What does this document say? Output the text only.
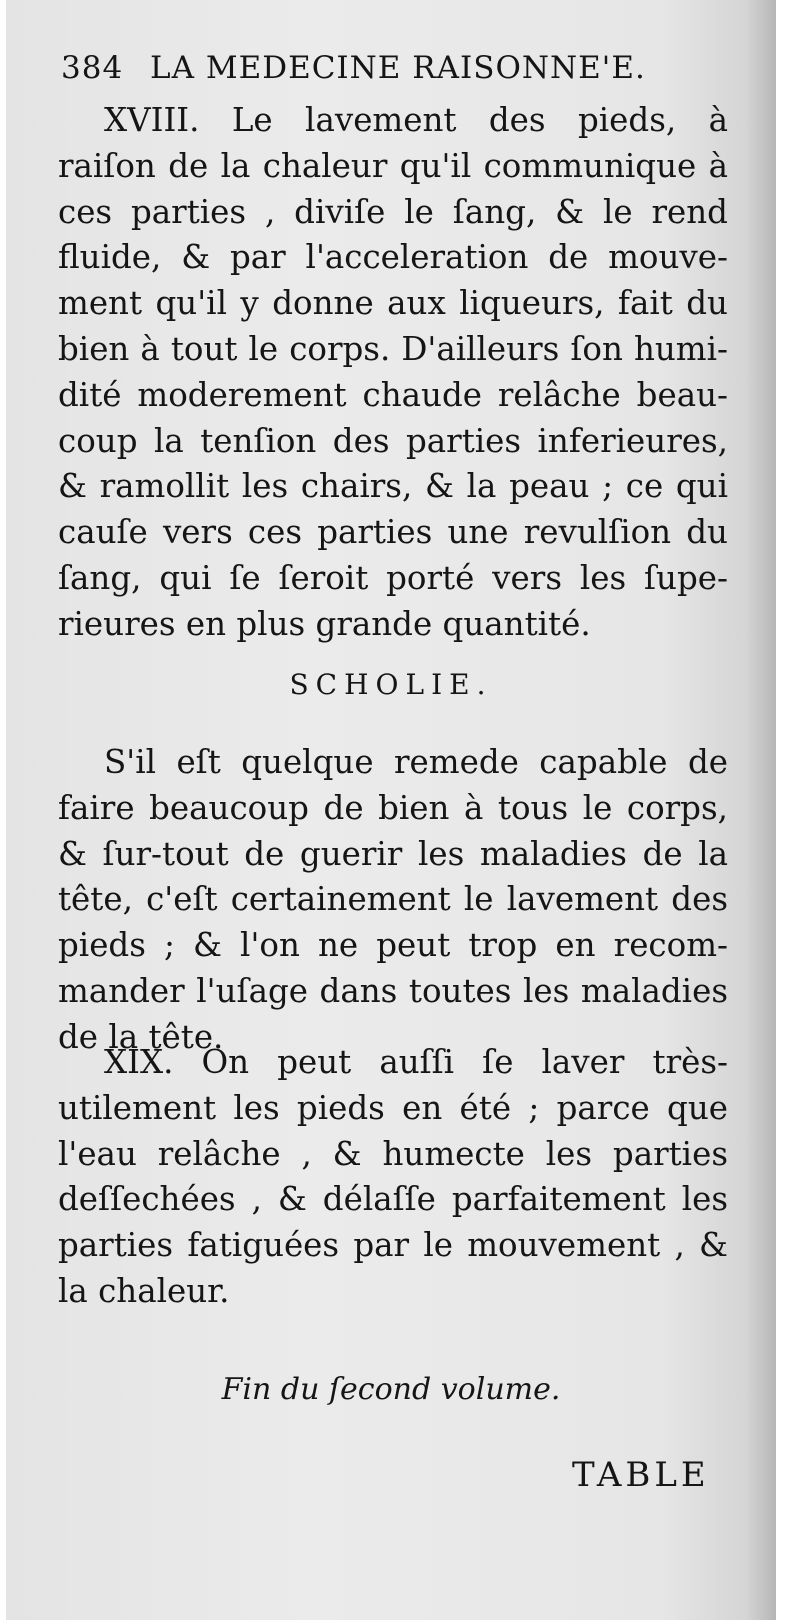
384 LA MEDECINE RAISONNE'E.
XVIII. Le lavement des pieds, à
raiſon de la chaleur qu'il communique à
ces parties , diviſe le ſang, & le rend
fluide, & par l'acceleration de mouve-
ment qu'il y donne aux liqueurs, fait du
bien à tout le corps. D'ailleurs ſon humi-
dité moderement chaude relâche beau-
coup la tenſion des parties inferieures,
& ramollit les chairs, & la peau ; ce qui
cauſe vers ces parties une revulſion du
ſang, qui ſe ſeroit porté vers les ſupe-
rieures en plus grande quantité.
SCHOLIE.
S'il eſt quelque remede capable de
faire beaucoup de bien à tous le corps,
& ſur-tout de guerir les maladies de la
tête, c'eſt certainement le lavement des
pieds ; & l'on ne peut trop en recom-
mander l'uſage dans toutes les maladies
de la tête.
XIX. On peut auſſi ſe laver très-
utilement les pieds en été ; parce que
l'eau relâche , & humecte les parties
deſſechées , & délaſſe parfaitement les
parties fatiguées par le mouvement , &
la chaleur.
Fin du ſecond volume.
TABLE
